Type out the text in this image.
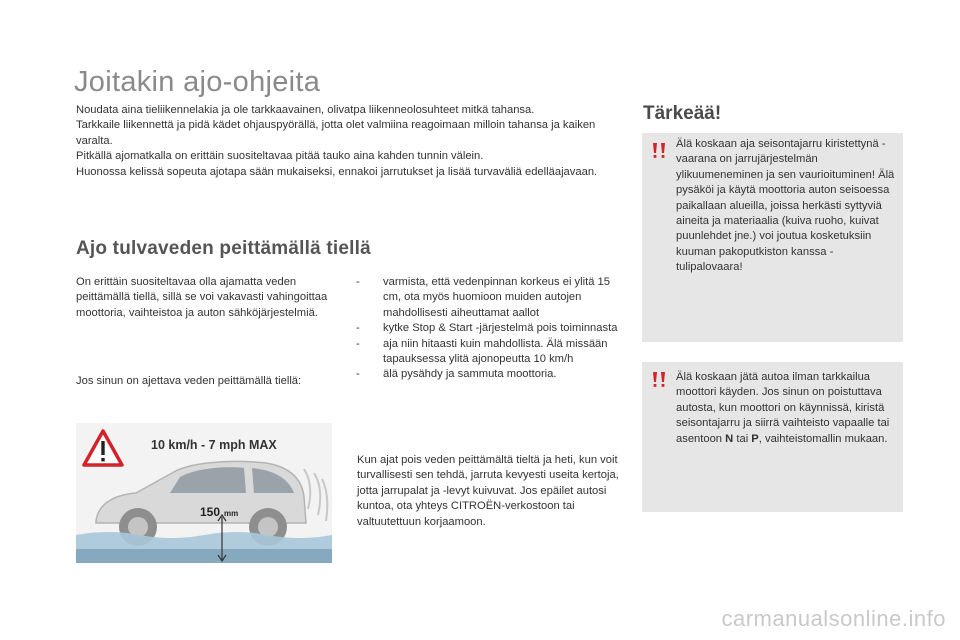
Joitakin ajo-ohjeita

Noudata aina tieliikennelakia ja ole tarkkaavainen, olivatpa liikenneolosuhteet mitkä tahansa.

Tarkkaile liikennettä ja pidä kädet ohjauspyörällä, jotta olet valmiina reagoimaan milloin tahansa ja kaiken varalta.

Pitkällä ajomatkalla on erittäin suositeltavaa pitää tauko aina kahden tunnin välein.

Huonossa kelissä sopeuta ajotapa sään mukaiseksi, ennakoi jarrutukset ja lisää turvaväliä edelläajavaan.

Ajo tulvaveden peittämällä tiellä

On erittäin suositeltavaa olla ajamatta veden peittämällä tiellä, sillä se voi vakavasti vahingoittaa moottoria, vaihteistoa ja auton sähköjärjestelmiä.

Jos sinun on ajettava veden peittämällä tiellä:

- varmista, että vedenpinnan korkeus ei ylitä 15 cm, ota myös huomioon muiden autojen mahdollisesti aiheuttamat aallot
- kytke Stop & Start -järjestelmä pois toiminnasta
- aja niin hitaasti kuin mahdollista. Älä missään tapauksessa ylitä ajonopeutta 10 km/h
- älä pysähdy ja sammuta moottoria.

Kun ajat pois veden peittämältä tieltä ja heti, kun voit turvallisesti sen tehdä, jarruta kevyesti useita kertoja, jotta jarrupalat ja -levyt kuivuvat. Jos epäilet autosi kuntoa, ota yhteys CITROËN-verkostoon tai valtuutettuun korjaamoon.

10 km/h - 7 mph MAX
150 mm
Tärkeää!

Älä koskaan aja seisontajarru kiristettynä - vaarana on jarrujärjestelmän ylikuumeneminen ja sen vaurioituminen! Älä pysäköi ja käytä moottoria auton seisoessa paikallaan alueilla, joissa herkästi syttyviä aineita ja materiaalia (kuiva ruoho, kuivat puunlehdet jne.) voi joutua kosketuksiin kuuman pakoputkiston kanssa - tulipalovaara!

Älä koskaan jätä autoa ilman tarkkailua moottori käyden. Jos sinun on poistuttava autosta, kun moottori on käynnissä, kiristä seisontajarru ja siirrä vaihteisto vapaalle tai asentoon N tai P, vaihteistomallin mukaan.

carmanualsonline.info
